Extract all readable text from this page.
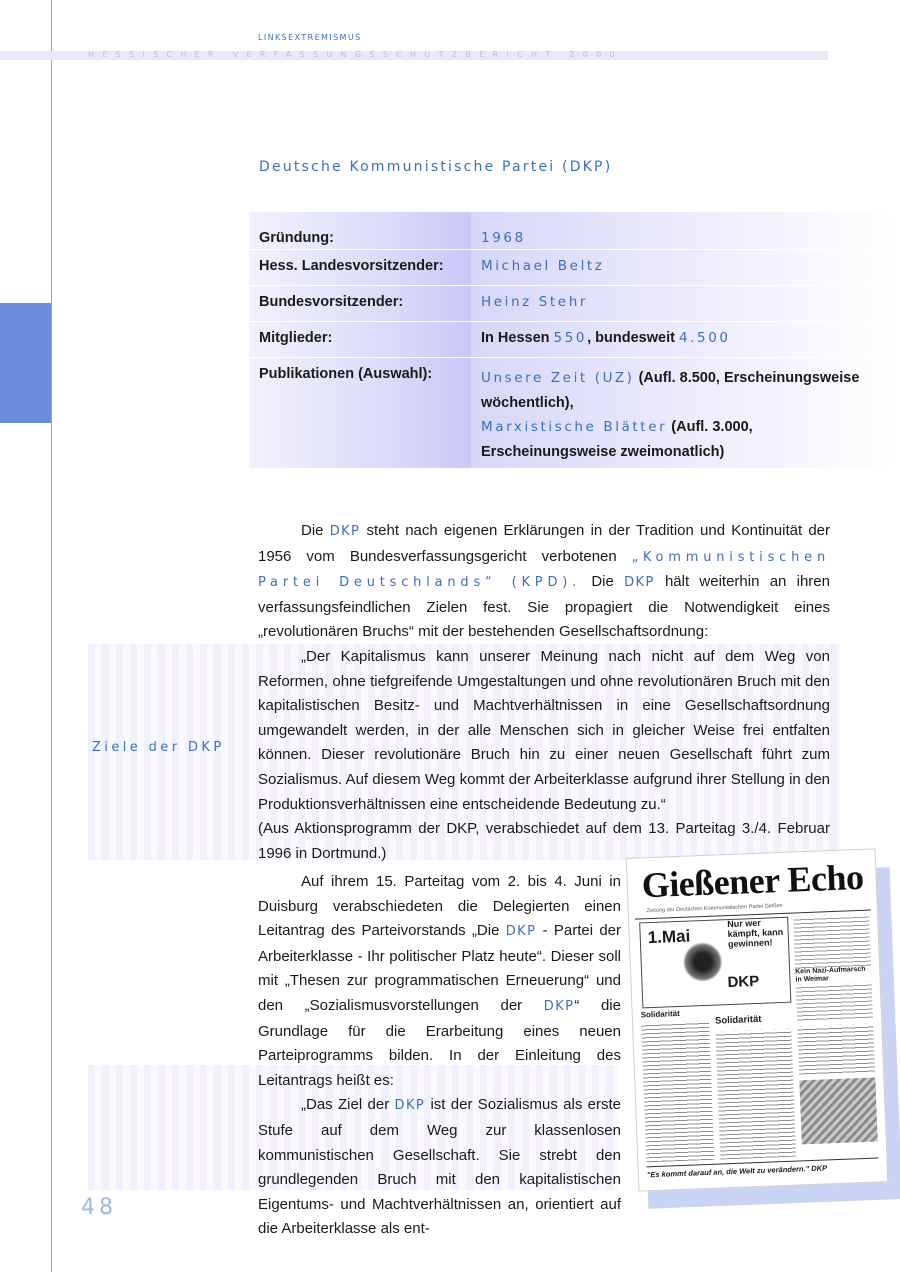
LINKSEXTREMISMUS
HESSISCHER VERFASSUNGSSCHUTZBERICHT 2000
Deutsche Kommunistische Partei (DKP)
Gründung:	1968
Hess. Landesvorsitzender:	Michael Beltz
Bundesvorsitzender:	Heinz Stehr
Mitglieder:	In Hessen 550, bundesweit 4.500
Publikationen (Auswahl):	Unsere Zeit (UZ) (Aufl. 8.500, Erscheinungsweise wöchentlich),
Marxistische Blätter (Aufl. 3.000, Erscheinungsweise zweimonatlich)

Die DKP steht nach eigenen Erklärungen in der Tradition und Kontinuität der 1956 vom Bundesverfassungsgericht verbotenen „Kommunistischen Partei Deutschlands“ (KPD). Die DKP hält weiterhin an ihren verfassungsfeindlichen Zielen fest. Sie propagiert die Notwendigkeit eines „revolutionären Bruchs“ mit der bestehenden Gesellschaftsordnung:

„Der Kapitalismus kann unserer Meinung nach nicht auf dem Weg von Reformen, ohne tiefgreifende Umgestaltungen und ohne revolutionären Bruch mit den kapitalistischen Besitz- und Machtverhältnissen in eine Gesellschaftsordnung umgewandelt werden, in der alle Menschen sich in gleicher Weise frei entfalten können. Dieser revolutionäre Bruch hin zu einer neuen Gesellschaft führt zum Sozialismus. Auf diesem Weg kommt der Arbeiterklasse aufgrund ihrer Stellung in den Produktionsverhältnissen eine entscheidende Bedeutung zu.“

(Aus Aktionsprogramm der DKP, verabschiedet auf dem 13. Parteitag 3./4. Februar 1996 in Dortmund.)

Ziele der DKP

Auf ihrem 15. Parteitag vom 2. bis 4. Juni in Duisburg verabschiedeten die Delegierten einen Leitantrag des Parteivorstands „Die DKP - Partei der Arbeiterklasse - Ihr politischer Platz heute“. Dieser soll mit „Thesen zur programmatischen Erneuerung“ und den „Sozialismusvorstellungen der DKP“ die Grundlage für die Erarbeitung eines neuen Parteiprogramms bilden. In der Einleitung des Leitantrags heißt es:

„Das Ziel der DKP ist der Sozialismus als erste Stufe auf dem Weg zur klassenlosen kommunistischen Gesellschaft. Sie strebt den grundlegenden Bruch mit den kapitalistischen Eigentums- und Machtverhältnissen an, orientiert auf die Arbeiterklasse als ent-

Gießener Echo
Zeitung der Deutschen Kommunistischen Partei Gießen
1.Mai
Nur wer kämpft, kann gewinnen!
DKP
Kein Nazi-Aufmarsch in Weimar
Solidarität	Solidarität
"Es kommt darauf an, die Welt zu verändern." DKP
48
